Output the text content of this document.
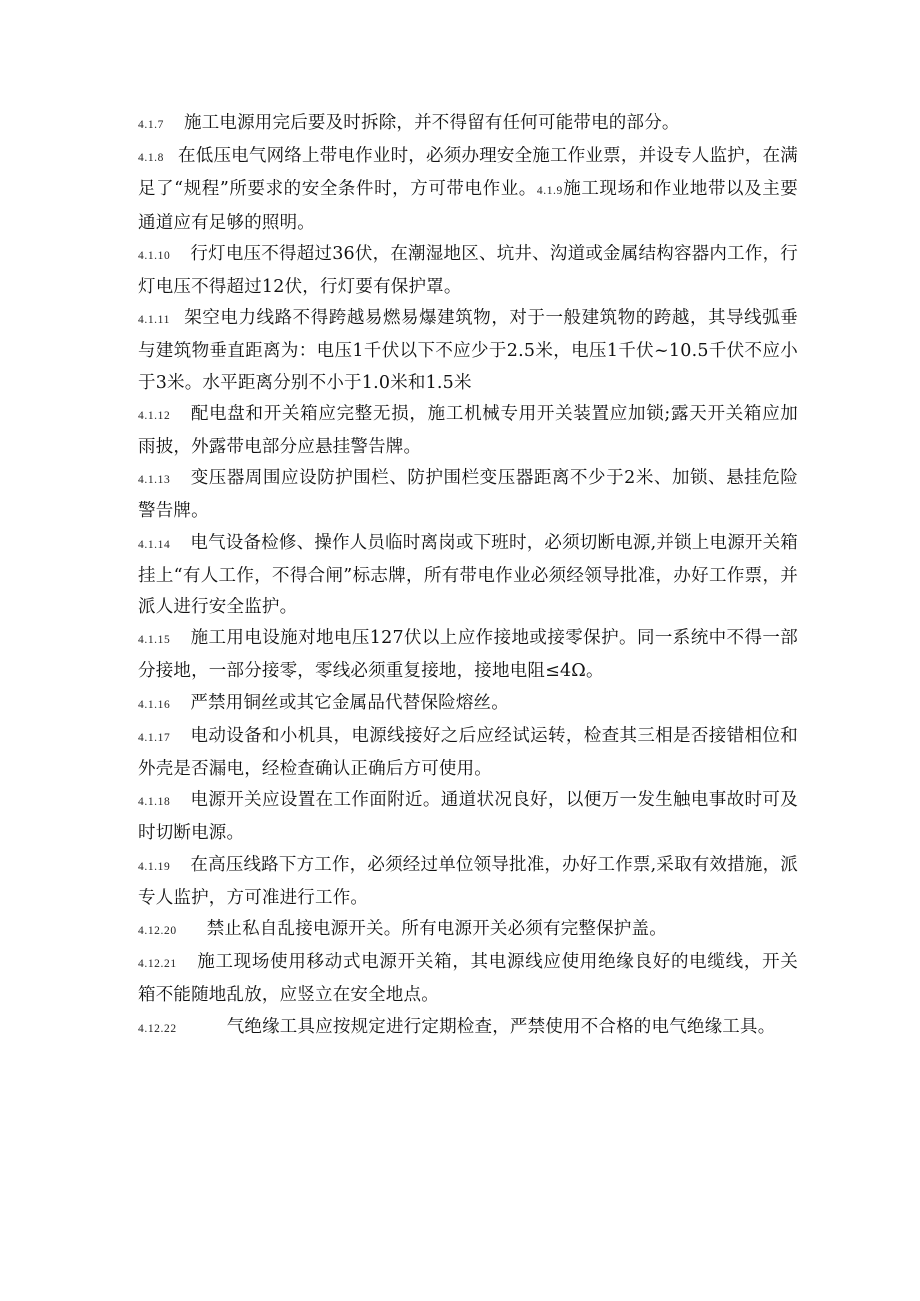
4.1.7 施工电源用完后要及时拆除，并不得留有任何可能带电的部分。

4.1.8 在低压电气网络上带电作业时，必须办理安全施工作业票，并设专人监护，在满足了“规程”所要求的安全条件时，方可带电作业。4.1.9施工现场和作业地带以及主要通道应有足够的照明。

4.1.10 行灯电压不得超过36伏，在潮湿地区、坑井、沟道或金属结构容器内工作，行灯电压不得超过12伏，行灯要有保护罩。

4.1.11 架空电力线路不得跨越易燃易爆建筑物，对于一般建筑物的跨越，其导线弧垂与建筑物垂直距离为：电压1千伏以下不应少于2.5米，电压1千伏~10.5千伏不应小于3米。水平距离分别不小于1.0米和1.5米

4.1.12 配电盘和开关箱应完整无损，施工机械专用开关装置应加锁;露天开关箱应加雨披，外露带电部分应悬挂警告牌。

4.1.13 变压器周围应设防护围栏、防护围栏变压器距离不少于2米、加锁、悬挂危险警告牌。

4.1.14 电气设备检修、操作人员临时离岗或下班时，必须切断电源,并锁上电源开关箱挂上“有人工作，不得合闸”标志牌，所有带电作业必须经领导批准，办好工作票，并派人进行安全监护。

4.1.15 施工用电设施对地电压127伏以上应作接地或接零保护。同一系统中不得一部分接地，一部分接零，零线必须重复接地，接地电阻≤4Ω。

4.1.16 严禁用铜丝或其它金属品代替保险熔丝。

4.1.17 电动设备和小机具，电源线接好之后应经试运转，检查其三相是否接错相位和外壳是否漏电，经检查确认正确后方可使用。

4.1.18 电源开关应设置在工作面附近。通道状况良好，以便万一发生触电事故时可及时切断电源。

4.1.19 在高压线路下方工作，必须经过单位领导批准，办好工作票,采取有效措施，派专人监护，方可准进行工作。

4.12.20 禁止私自乱接电源开关。所有电源开关必须有完整保护盖。

4.12.21 施工现场使用移动式电源开关箱，其电源线应使用绝缘良好的电缆线，开关箱不能随地乱放，应竖立在安全地点。

4.12.22	气绝缘工具应按规定进行定期检查，严禁使用不合格的电气绝缘工具。
